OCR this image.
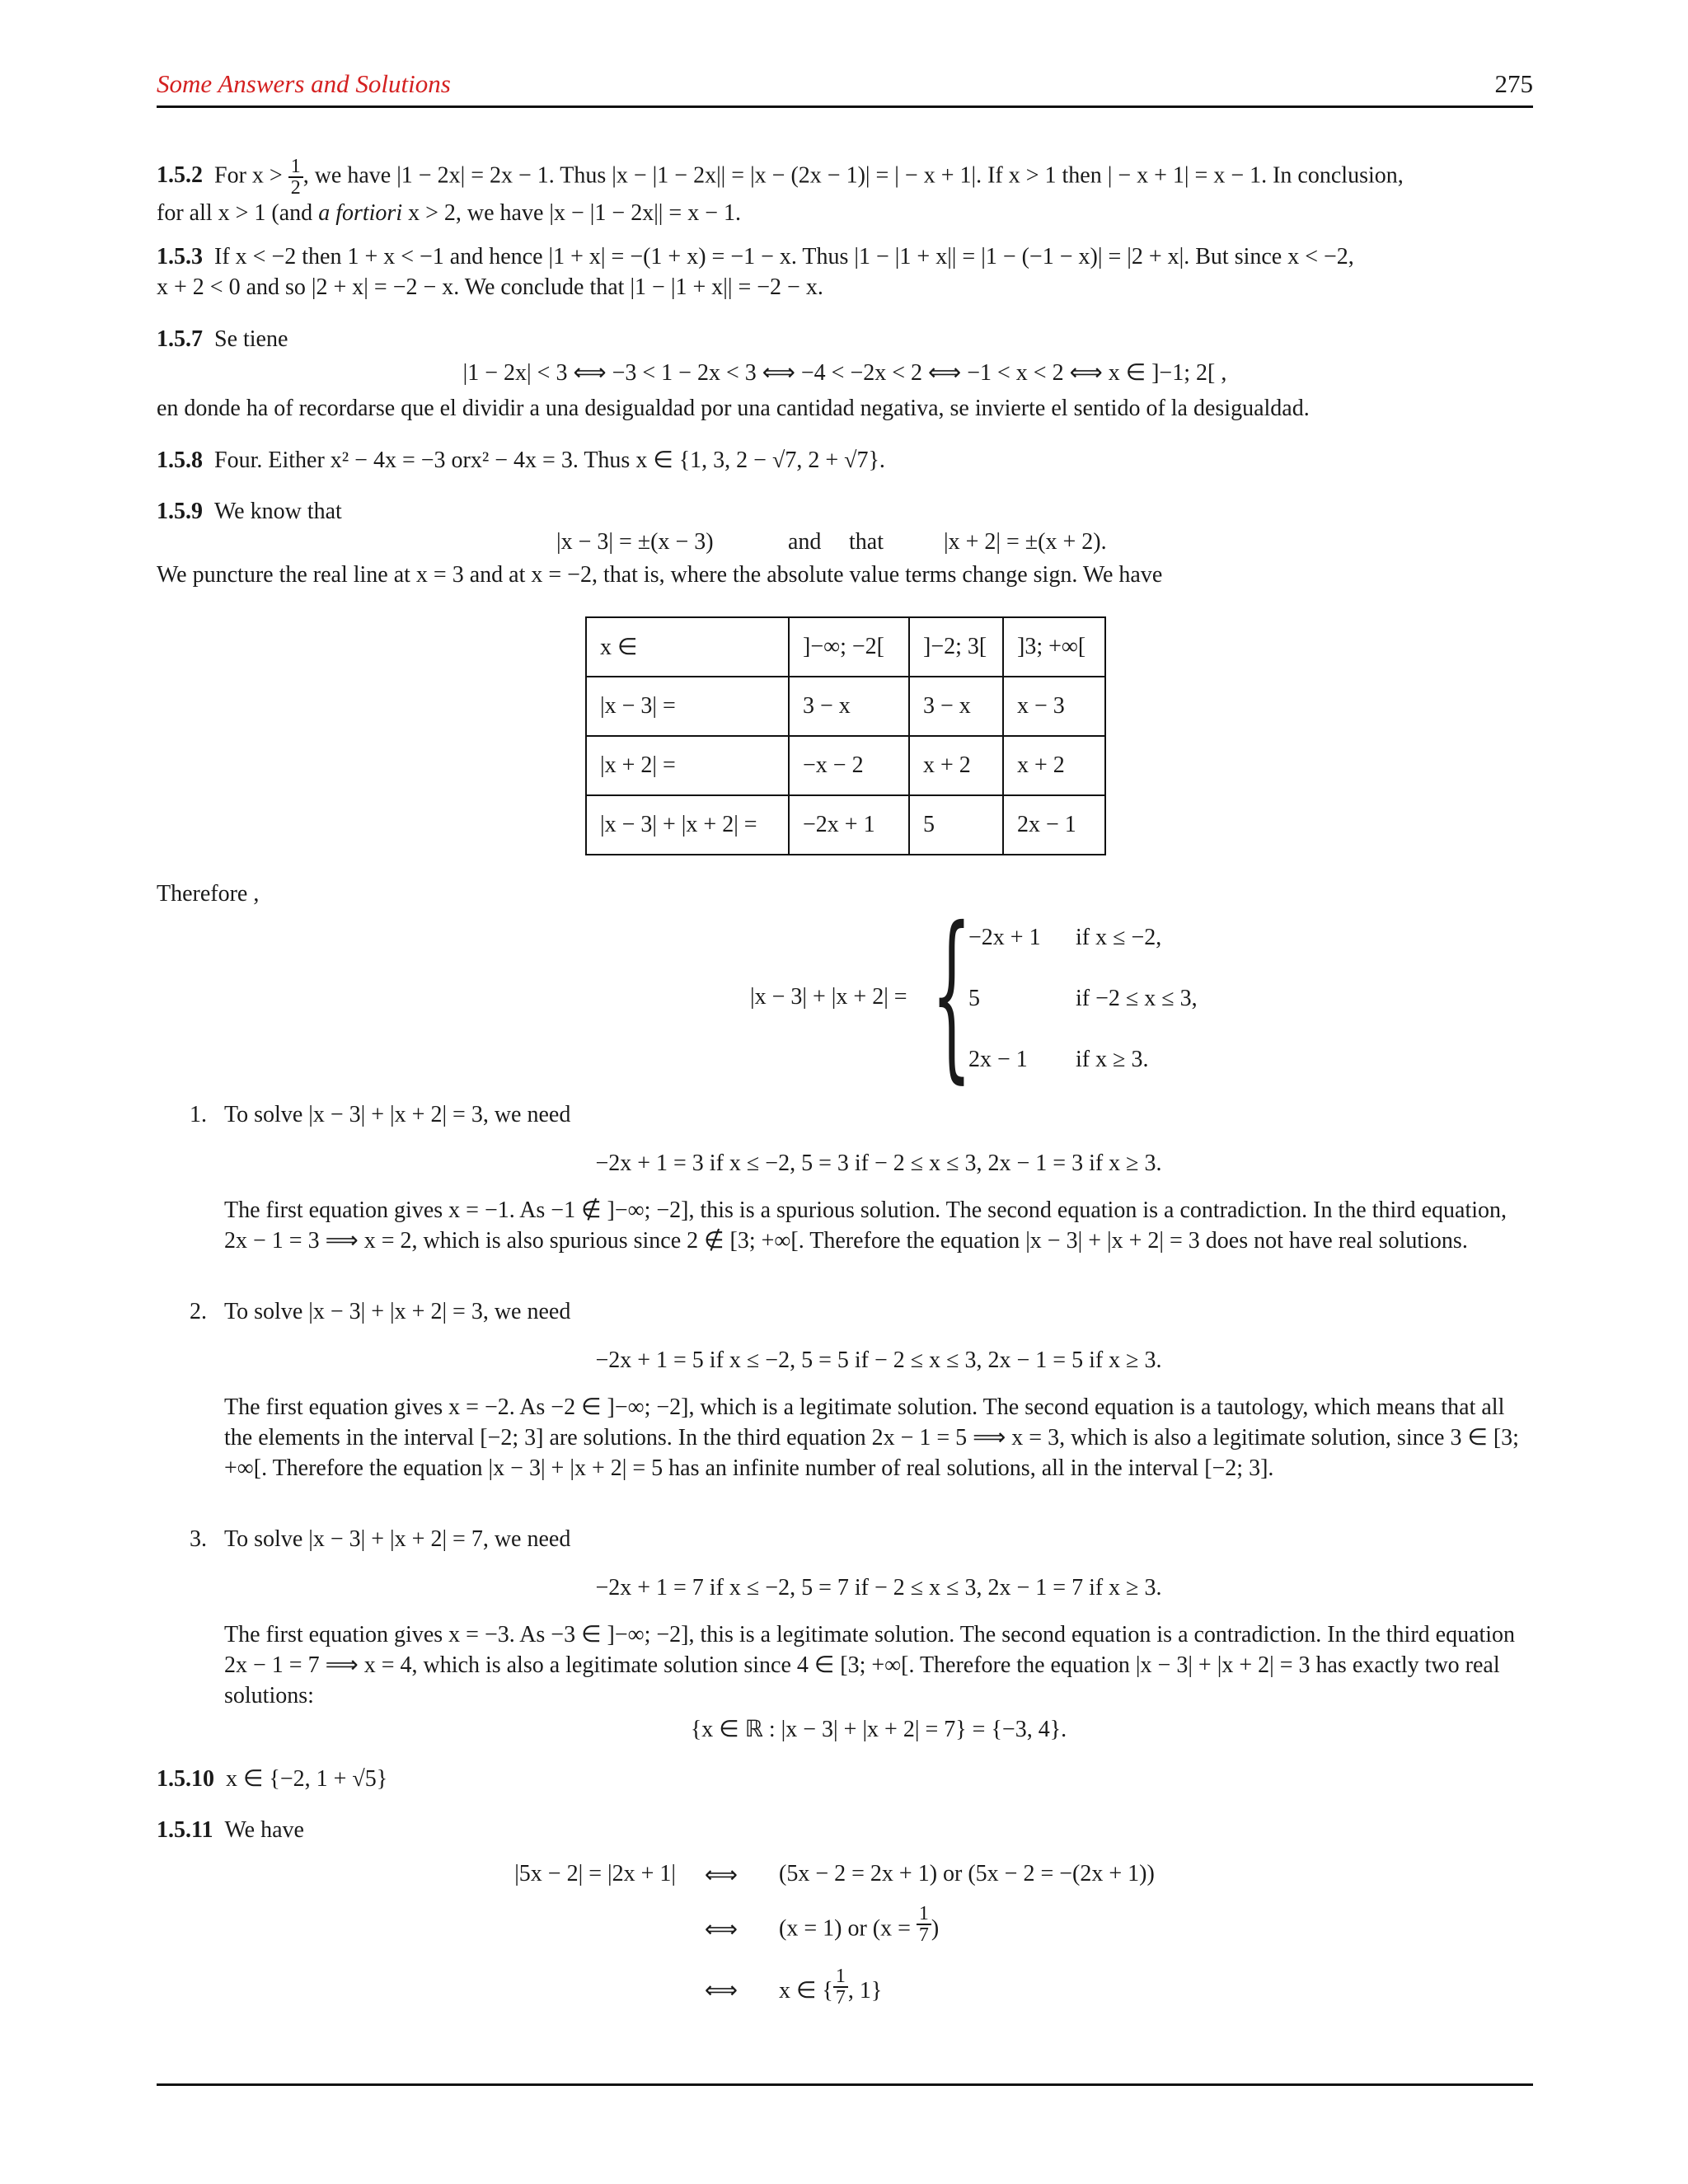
Some Answers and Solutions	275
1.5.2 For $x > \frac{1}{2}$ , we have |1 − 2x| = 2x − 1. Thus |x − |1 − 2x|| = |x − (2x − 1)| = | − x + 1|. If x > 1 then | − x + 1| = x − 1. In conclusion,
for all x > 1 (and a fortiori x > 2, we have |x − |1 − 2x|| = x − 1.
1.5.3 If x < −2 then 1 + x < −1 and hence |1 + x| = −(1 + x) = −1 − x. Thus |1 − |1 + x|| = |1 − (−1 − x)| = |2 + x|. But since x < −2,
x + 2 < 0 and so |2 + x| = −2 − x. We conclude that |1 − |1 + x|| = −2 − x.
1.5.7 Se tiene
|1 − 2x| < 3 ⟺ −3 < 1 − 2x < 3 ⟺ −4 < −2x < 2 ⟺ −1 < x < 2 ⟺ x ∈ ]−1; 2[ ,
en donde ha of recordarse que el dividir a una desigualdad por una cantidad negativa, se invierte el sentido of la desigualdad.
1.5.8 Four. Either x² − 4x = −3 orx² − 4x = 3. Thus x ∈ {1, 3, 2 − √7, 2 + √7}.
1.5.9 We know that
|x − 3| = ±(x − 3)	and that	|x + 2| = ±(x + 2).
We puncture the real line at x = 3 and at x = −2, that is, where the absolute value terms change sign. We have
x ∈	]−∞; −2[	]−2; 3[	]3; +∞[
|x − 3| =	3 − x	3 − x	x − 3
|x + 2| =	−x − 2	x + 2	x + 2
|x − 3| + |x + 2| =	−2x + 1	5	2x − 1
Therefore ,
|x − 3| + |x + 2| = {
−2x + 1 if x ≤ −2,
5	if −2 ≤ x ≤ 3,
2x − 1 if x ≥ 3.
1. To solve |x − 3| + |x + 2| = 3, we need
−2x + 1 = 3 if x ≤ −2, 5 = 3 if − 2 ≤ x ≤ 3, 2x − 1 = 3 if x ≥ 3.
The first equation gives x = −1. As −1 ∉ ]−∞; −2], this is a spurious solution. The second equation is a contradiction. In the third equation, 2x − 1 = 3 ⟹ x = 2, which is also spurious since 2 ∉ [3; +∞[. Therefore the equation |x − 3| + |x + 2| = 3 does not have real solutions.
2. To solve |x − 3| + |x + 2| = 3, we need
−2x + 1 = 5 if x ≤ −2, 5 = 5 if − 2 ≤ x ≤ 3, 2x − 1 = 5 if x ≥ 3.
The first equation gives x = −2. As −2 ∈ ]−∞; −2], which is a legitimate solution. The second equation is a tautology, which means that all the elements in the interval [−2; 3] are solutions. In the third equation 2x − 1 = 5 ⟹ x = 3, which is also a legitimate solution, since 3 ∈ [3; +∞[. Therefore the equation |x − 3| + |x + 2| = 5 has an infinite number of real solutions, all in the interval [−2; 3].
3. To solve |x − 3| + |x + 2| = 7, we need
−2x + 1 = 7 if x ≤ −2, 5 = 7 if − 2 ≤ x ≤ 3, 2x − 1 = 7 if x ≥ 3.
The first equation gives x = −3. As −3 ∈ ]−∞; −2], this is a legitimate solution. The second equation is a contradiction. In the third equation 2x − 1 = 7 ⟹ x = 4, which is also a legitimate solution since 4 ∈ [3; +∞[. Therefore the equation |x − 3| + |x + 2| = 3 has exactly two real solutions:
{x ∈ ℝ : |x − 3| + |x + 2| = 7} = {−3, 4}.
1.5.10 x ∈ {−2, 1 + √5}
1.5.11 We have
|5x − 2| = |2x + 1|	⟺	(5x − 2 = 2x + 1) or (5x − 2 = −(2x + 1))
⟺	(x = 1) or ($x = \frac{1}{7}$ )
⟺	x ∈ { $\frac{1}{7}$ , 1}
